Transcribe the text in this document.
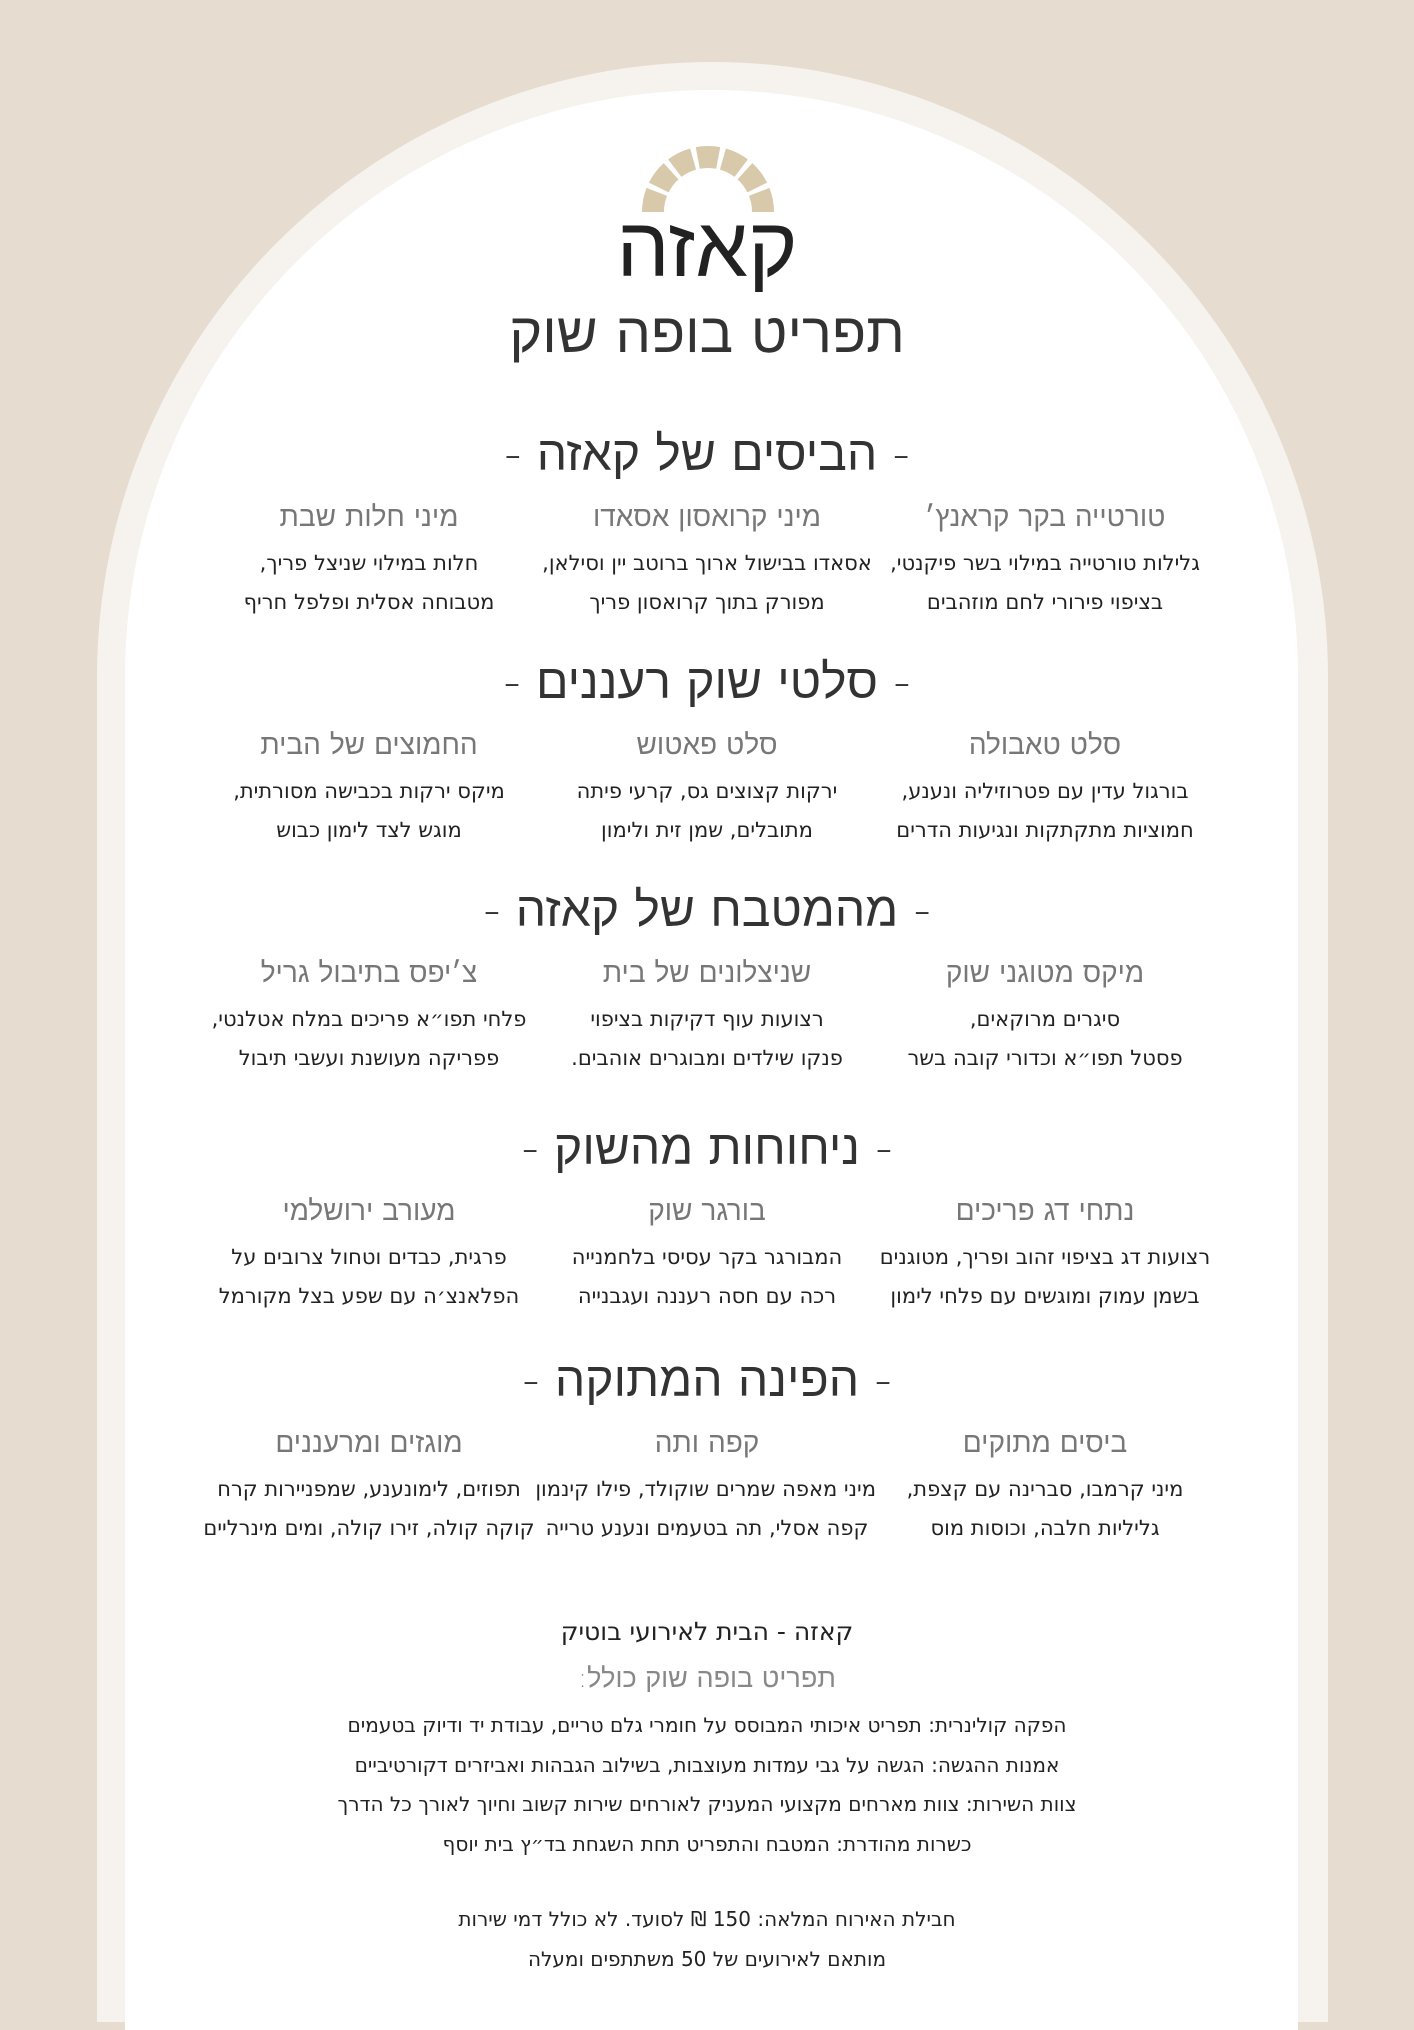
קאזה
תפריט בופה שוק
- הביסים של קאזה -
טורטייה בקר קראנץ׳
גלילות טורטייה במילוי בשר פיקנטי,
בציפוי פירורי לחם מוזהבים
מיני קרואסון אסאדו
אסאדו בבישול ארוך ברוטב יין וסילאן,
מפורק בתוך קרואסון פריך
מיני חלות שבת
חלות במילוי שניצל פריך,
מטבוחה אסלית ופלפל חריף
- סלטי שוק רעננים -
סלט טאבולה
בורגול עדין עם פטרוזיליה ונענע,
חמוציות מתקתקות ונגיעות הדרים
סלט פאטוש
ירקות קצוצים גס, קרעי פיתה
מתובלים, שמן זית ולימון
החמוצים של הבית
מיקס ירקות בכבישה מסורתית,
מוגש לצד לימון כבוש
- מהמטבח של קאזה -
מיקס מטוגני שוק
סיגרים מרוקאים,
פסטל תפו״א וכדורי קובה בשר
שניצלונים של בית
רצועות עוף דקיקות בציפוי
פנקו שילדים ומבוגרים אוהבים.
צ׳יפס בתיבול גריל
פלחי תפו״א פריכים במלח אטלנטי,
פפריקה מעושנת ועשבי תיבול
- ניחוחות מהשוק -
נתחי דג פריכים
רצועות דג בציפוי זהוב ופריך, מטוגנים
בשמן עמוק ומוגשים עם פלחי לימון
בורגר שוק
המבורגר בקר עסיסי בלחמנייה
רכה עם חסה רעננה ועגבנייה
מעורב ירושלמי
פרגית, כבדים וטחול צרובים על
הפלאנצ׳ה עם שפע בצל מקורמל
- הפינה המתוקה -
ביסים מתוקים
מיני קרמבו, סברינה עם קצפת,
גליליות חלבה, וכוסות מוס
קפה ותה
מיני מאפה שמרים שוקולד, פילו קינמון
קפה אסלי, תה בטעמים ונענע טרייה
מוגזים ומרעננים
תפוזים, לימונענע, שמפניירות קרח
קוקה קולה, זירו קולה, ומים מינרליים
קאזה - הבית לאירועי בוטיק
תפריט בופה שוק כולל:
הפקה קולינרית: תפריט איכותי המבוסס על חומרי גלם טריים, עבודת יד ודיוק בטעמים
אמנות ההגשה: הגשה על גבי עמדות מעוצבות, בשילוב הגבהות ואביזרים דקורטיביים
צוות השירות: צוות מארחים מקצועי המעניק לאורחים שירות קשוב וחיוך לאורך כל הדרך
כשרות מהודרת: המטבח והתפריט תחת השגחת בד״ץ בית יוסף
חבילת האירוח המלאה: 150 ₪ לסועד. לא כולל דמי שירות
מותאם לאירועים של 50 משתתפים ומעלה
